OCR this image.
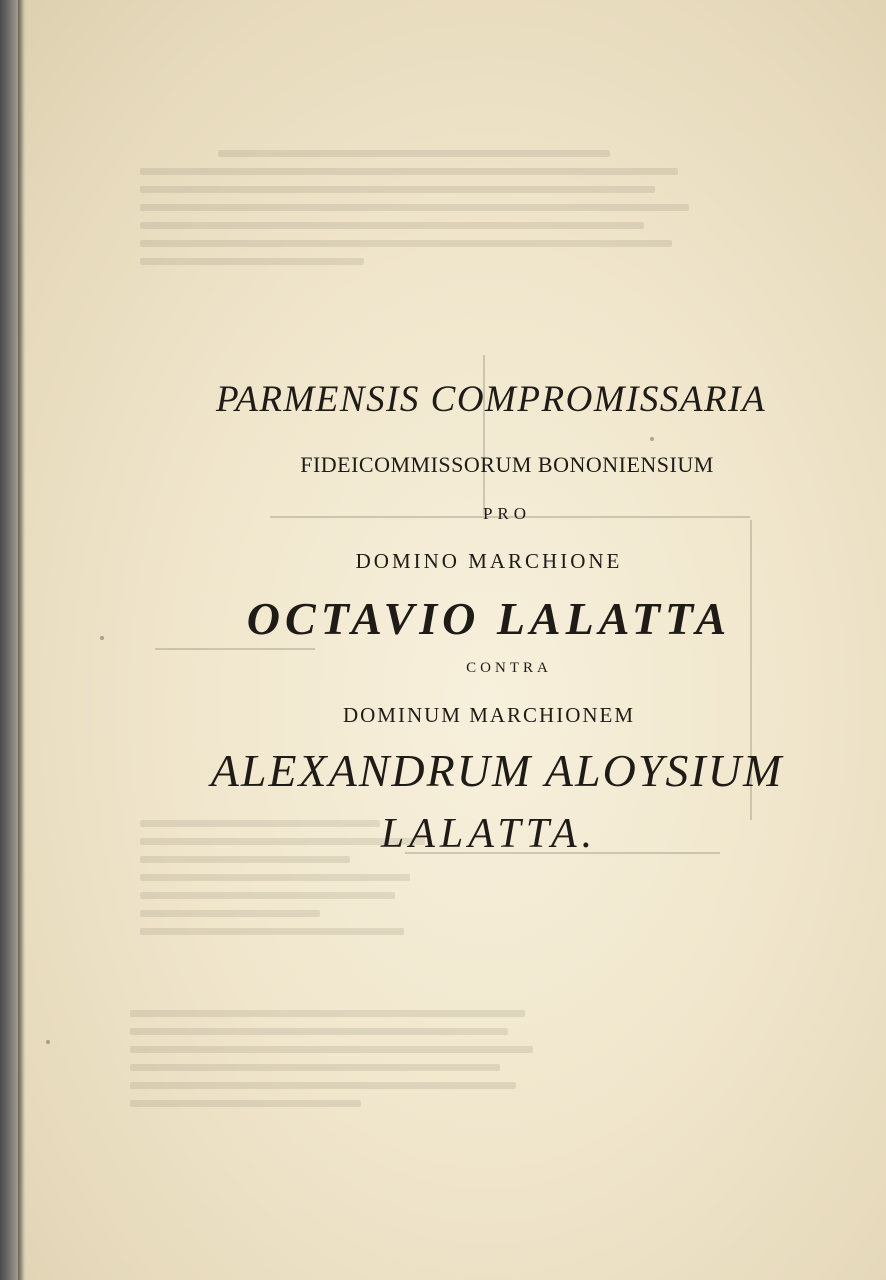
PARMENSIS COMPROMISSARIA
FIDEICOMMISSORUM BONONIENSIUM
PRO
DOMINO MARCHIONE
OCTAVIO LALATTA
CONTRA
DOMINUM MARCHIONEM
ALEXANDRUM ALOYSIUM
LALATTA.
